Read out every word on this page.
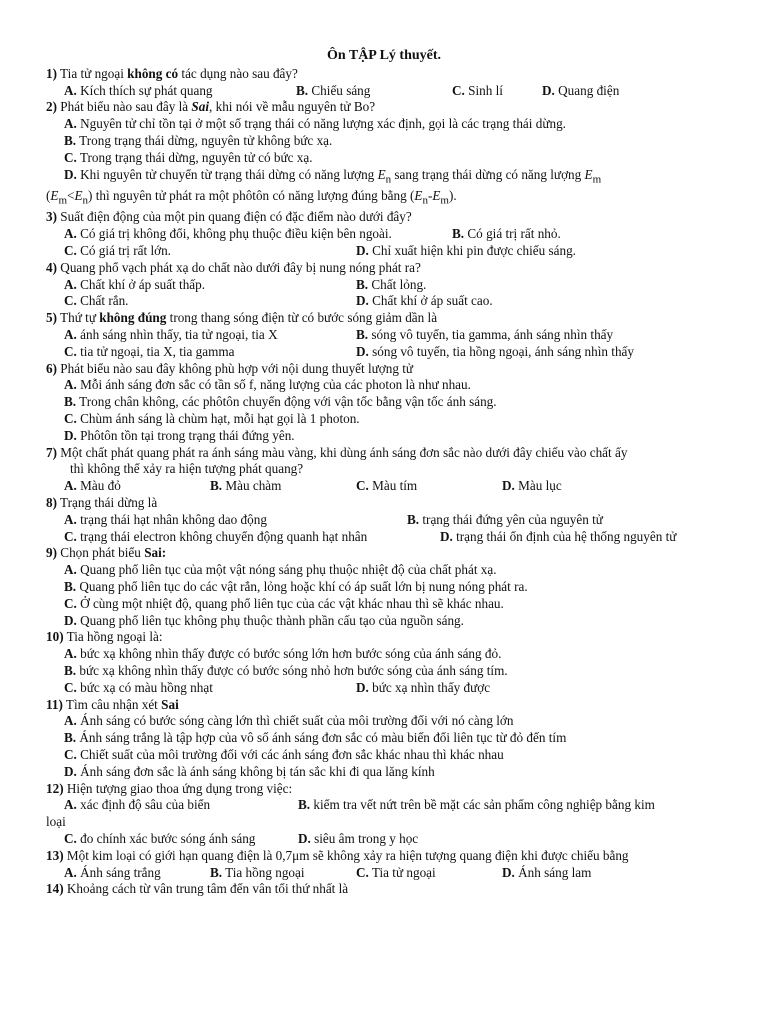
Ôn TẬP Lý thuyết.
1) Tia tử ngoại không có tác dụng nào sau đây?
A. Kích thích sự phát quang	B. Chiếu sáng	C. Sinh lí	D. Quang điện
2) Phát biểu nào sau đây là Sai, khi nói về mẫu nguyên tử Bo?
A. Nguyên tử chỉ tồn tại ở một số trạng thái có năng lượng xác định, gọi là các trạng thái dừng.
B. Trong trạng thái dừng, nguyên tử không bức xạ.
C. Trong trạng thái dừng, nguyên tử có bức xạ.
D. Khi nguyên tử chuyển từ trạng thái dừng có năng lượng $E_n$ sang trạng thái dừng có năng lượng $E_m$
$(E_m<E_n)$ thì nguyên tử phát ra một phôtôn có năng lượng đúng bằng $(E_n-E_m)$.
3) Suất điện động của một pin quang điện có đặc điểm nào dưới đây?
A. Có giá trị không đổi, không phụ thuộc điều kiện bên ngoài.	B. Có giá trị rất nhỏ.
C. Có giá trị rất lớn.	D. Chỉ xuất hiện khi pin được chiếu sáng.
4) Quang phổ vạch phát xạ do chất nào dưới đây bị nung nóng phát ra?
A. Chất khí ở áp suất thấp.	B. Chất lỏng.
C. Chất rắn.	D. Chất khí ở áp suất cao.
5) Thứ tự không đúng trong thang sóng điện từ có bước sóng giảm dần là
A. ánh sáng nhìn thấy, tia tử ngoại, tia X	B. sóng vô tuyến, tia gamma, ánh sáng nhìn thấy
C. tia tử ngoại, tia X, tia gamma	D. sóng vô tuyến, tia hồng ngoại, ánh sáng nhìn thấy
6) Phát biểu nào sau đây không phù hợp với nội dung thuyết lượng tử
A. Mỗi ánh sáng đơn sắc có tần số f, năng lượng của các photon là như nhau.
B. Trong chân không, các phôtôn chuyển động với vận tốc bằng vận tốc ánh sáng.
C. Chùm ánh sáng là chùm hạt, mỗi hạt gọi là 1 photon.
D. Phôtôn tồn tại trong trạng thái đứng yên.
7) Một chất phát quang phát ra ánh sáng màu vàng, khi dùng ánh sáng đơn sắc nào dưới đây chiếu vào chất ấy
thì không thể xảy ra hiện tượng phát quang?
A. Màu đỏ	B. Màu chàm	C. Màu tím	D. Màu lục
8) Trạng thái dừng là
A. trạng thái hạt nhân không dao động	B. trạng thái đứng yên của nguyên tử
C. trạng thái electron không chuyển động quanh hạt nhân	D. trạng thái ổn định của hệ thống nguyên tử
9) Chọn phát biểu Sai:
A. Quang phổ liên tục của một vật nóng sáng phụ thuộc nhiệt độ của chất phát xạ.
B. Quang phổ liên tục do các vật rắn, lỏng hoặc khí có áp suất lớn bị nung nóng phát ra.
C. Ở cùng một nhiệt độ, quang phổ liên tục của các vật khác nhau thì sẽ khác nhau.
D. Quang phổ liên tục không phụ thuộc thành phần cấu tạo của nguồn sáng.
10) Tia hồng ngoại là:
A. bức xạ không nhìn thấy được có bước sóng lớn hơn bước sóng của ánh sáng đỏ.
B. bức xạ không nhìn thấy được có bước sóng nhỏ hơn bước sóng của ánh sáng tím.
C. bức xạ có màu hồng nhạt	D. bức xạ nhìn thấy được
11) Tìm câu nhận xét Sai
A. Ánh sáng có bước sóng càng lớn thì chiết suất của môi trường đối với nó càng lớn
B. Ánh sáng trắng là tập hợp của vô số ánh sáng đơn sắc có màu biến đổi liên tục từ đỏ đến tím
C. Chiết suất của môi trường đối với các ánh sáng đơn sắc khác nhau thì khác nhau
D. Ánh sáng đơn sắc là ánh sáng không bị tán sắc khi đi qua lăng kính
12) Hiện tượng giao thoa ứng dụng trong việc:
A. xác định độ sâu của biển	B. kiểm tra vết nứt trên bề mặt các sản phẩm công nghiệp bằng kim
loại
C. đo chính xác bước sóng ánh sáng	D. siêu âm trong y học
13) Một kim loại có giới hạn quang điện là 0,7μm sẽ không xảy ra hiện tượng quang điện khi được chiếu bằng
A. Ánh sáng trắng	B. Tia hồng ngoại	C. Tia tử ngoại	D. Ánh sáng lam
14) Khoảng cách từ vân trung tâm đến vân tối thứ nhất là
